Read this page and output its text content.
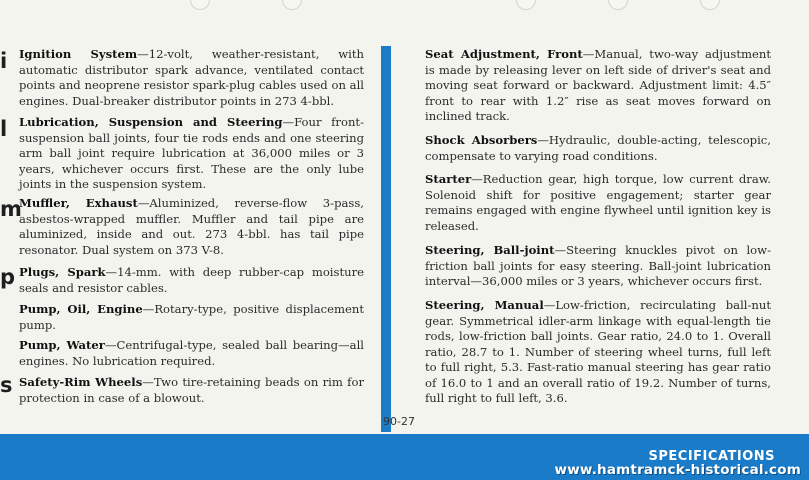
i
l
m
p
s
Ignition System—12-volt, weather-resistant, with automatic distributor spark advance, ventilated contact points and neoprene resistor spark-plug cables used on all engines. Dual-breaker distributor points in 273 4-bbl.
Lubrication, Suspension and Steering—Four front-suspension ball joints, four tie rods ends and one steering arm ball joint require lubrication at 36,000 miles or 3 years, whichever occurs first. These are the only lube joints in the suspension system.
Muffler, Exhaust—Aluminized, reverse-flow 3-pass, asbestos-wrapped muffler. Muffler and tail pipe are aluminized, inside and out. 273 4-bbl. has tail pipe resonator. Dual system on 373 V-8.
Plugs, Spark—14-mm. with deep rubber-cap moisture seals and resistor cables.
Pump, Oil, Engine—Rotary-type, positive displacement pump.
Pump, Water—Centrifugal-type, sealed ball bearing—all engines. No lubrication required.
Safety-Rim Wheels—Two tire-retaining beads on rim for protection in case of a blowout.
Seat Adjustment, Front—Manual, two-way adjustment is made by releasing lever on left side of driver's seat and moving seat forward or backward. Adjustment limit: 4.5″ front to rear with 1.2″ rise as seat moves forward on inclined track.
Shock Absorbers—Hydraulic, double-acting, telescopic, compensate to varying road conditions.
Starter—Reduction gear, high torque, low current draw. Solenoid shift for positive engagement; starter gear remains engaged with engine flywheel until ignition key is released.
Steering, Ball-joint—Steering knuckles pivot on low-friction ball joints for easy steering. Ball-joint lubrication interval—36,000 miles or 3 years, whichever occurs first.
Steering, Manual—Low-friction, recirculating ball-nut gear. Symmetrical idler-arm linkage with equal-length tie rods, low-friction ball joints. Gear ratio, 24.0 to 1. Overall ratio, 28.7 to 1. Number of steering wheel turns, full left to full right, 5.3. Fast-ratio manual steering has gear ratio of 16.0 to 1 and an overall ratio of 19.2. Number of turns, full right to full left, 3.6.
90-27
SPECIFICATIONS
www.hamtramck-historical.com
